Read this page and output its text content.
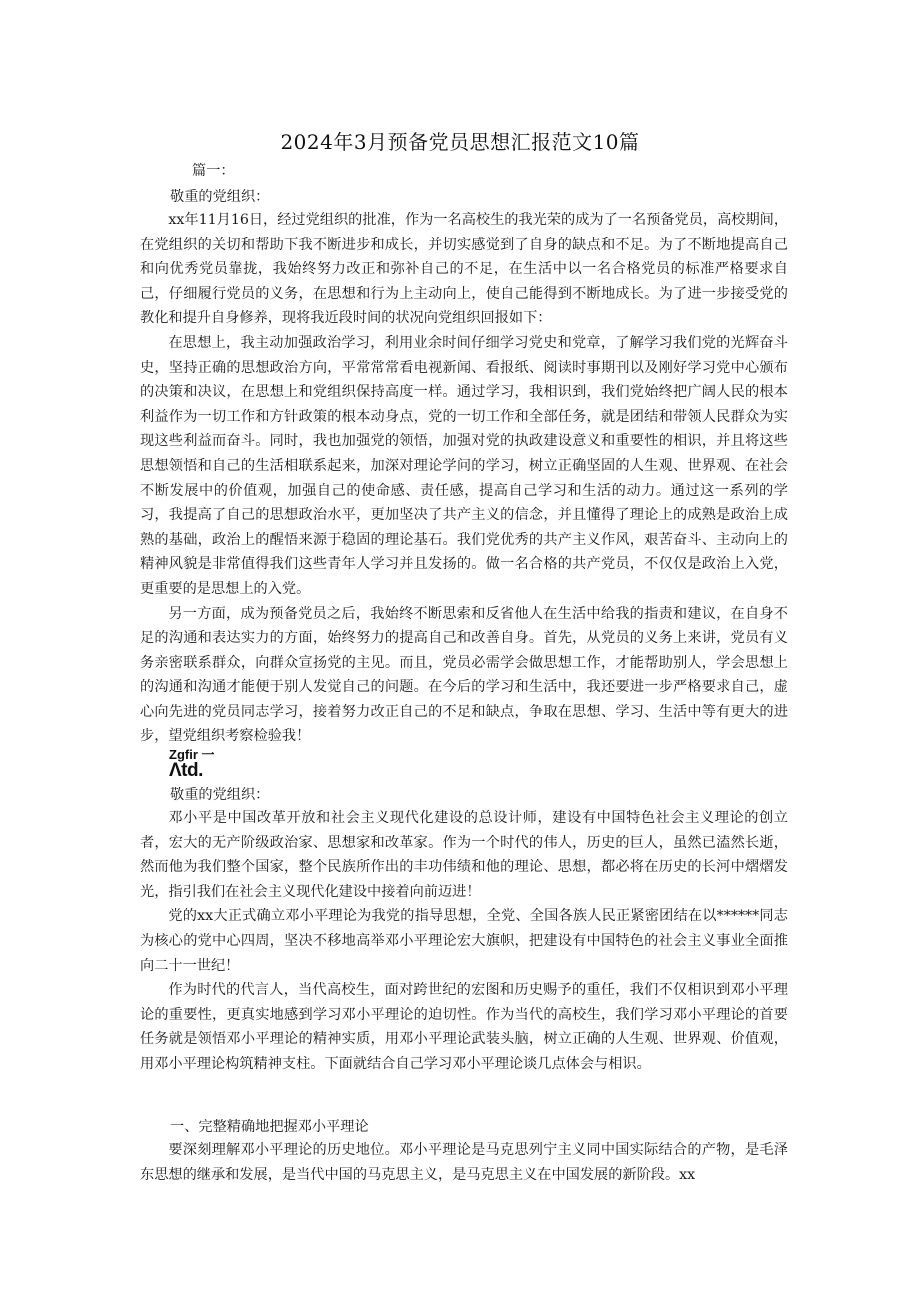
2024年3月预备党员思想汇报范文10篇
篇一：
敬重的党组织：

xx年11月16日，经过党组织的批准，作为一名高校生的我光荣的成为了一名预备党员，高校期间，在党组织的关切和帮助下我不断进步和成长，并切实感觉到了自身的缺点和不足。为了不断地提高自己和向优秀党员靠拢，我始终努力改正和弥补自己的不足，在生活中以一名合格党员的标准严格要求自己，仔细履行党员的义务，在思想和行为上主动向上，使自己能得到不断地成长。为了进一步接受党的教化和提升自身修养，现将我近段时间的状况向党组织回报如下：

在思想上，我主动加强政治学习，利用业余时间仔细学习党史和党章，了解学习我们党的光辉奋斗史，坚持正确的思想政治方向，平常常常看电视新闻、看报纸、阅读时事期刊以及刚好学习党中心颁布的决策和决议，在思想上和党组织保持高度一样。通过学习，我相识到，我们党始终把广阔人民的根本利益作为一切工作和方针政策的根本动身点，党的一切工作和全部任务，就是团结和带领人民群众为实现这些利益而奋斗。同时，我也加强党的领悟，加强对党的执政建设意义和重要性的相识，并且将这些思想领悟和自己的生活相联系起来，加深对理论学问的学习，树立正确坚固的人生观、世界观、在社会不断发展中的价值观，加强自己的使命感、责任感，提高自己学习和生活的动力。通过这一系列的学习，我提高了自己的思想政治水平，更加坚决了共产主义的信念，并且懂得了理论上的成熟是政治上成熟的基础，政治上的醒悟来源于稳固的理论基石。我们党优秀的共产主义作风，艰苦奋斗、主动向上的精神风貌是非常值得我们这些青年人学习并且发扬的。做一名合格的共产党员，不仅仅是政治上入党，更重要的是思想上的入党。

另一方面，成为预备党员之后，我始终不断思索和反省他人在生活中给我的指责和建议，在自身不足的沟通和表达实力的方面，始终努力的提高自己和改善自身。首先，从党员的义务上来讲，党员有义务亲密联系群众，向群众宣扬党的主见。而且，党员必需学会做思想工作，才能帮助别人，学会思想上的沟通和沟通才能便于别人发觉自己的问题。在今后的学习和生活中，我还要进一步严格要求自己，虚心向先进的党员同志学习，接着努力改正自己的不足和缺点，争取在思想、学习、生活中等有更大的进步，望党组织考察检验我！

Zgfir 一
Λtd.
敬重的党组织：

邓小平是中国改革开放和社会主义现代化建设的总设计师，建设有中国特色社会主义理论的创立者，宏大的无产阶级政治家、思想家和改革家。作为一个时代的伟人，历史的巨人，虽然已溘然长逝，然而他为我们整个国家，整个民族所作出的丰功伟绩和他的理论、思想，都必将在历史的长河中熠熠发光，指引我们在社会主义现代化建设中接着向前迈进！

党的xx大正式确立邓小平理论为我党的指导思想，全党、全国各族人民正紧密团结在以******同志为核心的党中心四周，坚决不移地高举邓小平理论宏大旗帜，把建设有中国特色的社会主义事业全面推向二十一世纪！

作为时代的代言人，当代高校生，面对跨世纪的宏图和历史赐予的重任，我们不仅相识到邓小平理论的重要性，更真实地感到学习邓小平理论的迫切性。作为当代的高校生，我们学习邓小平理论的首要任务就是领悟邓小平理论的精神实质，用邓小平理论武装头脑，树立正确的人生观、世界观、价值观，用邓小平理论构筑精神支柱。下面就结合自己学习邓小平理论谈几点体会与相识。

一、完整精确地把握邓小平理论

要深刻理解邓小平理论的历史地位。邓小平理论是马克思列宁主义同中国实际结合的产物，是毛泽东思想的继承和发展，是当代中国的马克思主义，是马克思主义在中国发展的新阶段。xx
